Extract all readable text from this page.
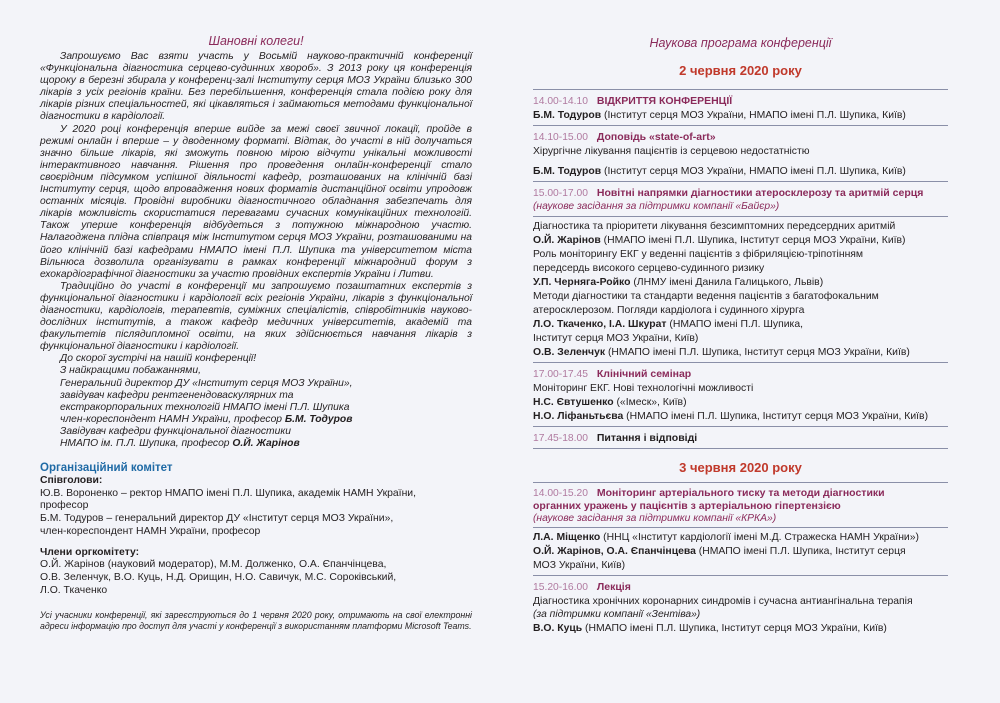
Шановні колеги!

Запрошуємо Вас взяти участь у Восьмій науково-практичній конференції «Функціональна діагностика серцево-судинних хвороб». З 2013 року ця конференція щороку в березні збирала у конференц-залі Інституту серця МОЗ України близько 300 лікарів з усіх регіонів країни. Без перебільшення, конференція стала подією року для лікарів різних спеціальностей, які цікавляться і займаються методами функціональної діагностики в кардіології.

У 2020 році конференція вперше вийде за межі своєї звичної локації, пройде в режимі онлайн і вперше – у дводенному форматі. Відтак, до участі в ній долучаться значно більше лікарів, які зможуть повною мірою відчути унікальні можливості інтерактивного навчання. Рішення про проведення онлайн-конференції стало своєрідним підсумком успішної діяльності кафедр, розташованих на клінічній базі Інституту серця, щодо впровадження нових форматів дистанційної освіти упродовж останніх місяців. Провідні виробники діагностичного обладнання забезпечать для лікарів можливість скористатися перевагами сучасних комунікаційних технологій. Також уперше конференція відбудеться з потужною міжнародною участю. Налагоджена плідна співпраця між Інститутом серця МОЗ України, розташованими на його клінічній базі кафедрами НМАПО імені П.Л. Шупика та університетом міста Вільнюса дозволила організувати в рамках конференції міжнародний форум з ехокардіографічної діагностики за участю провідних експертів України і Литви.

Традиційно до участі в конференції ми запрошуємо позаштатних експертів з функціональної діагностики і кардіології всіх регіонів України, лікарів з функціональної діагностики, кардіологів, терапевтів, суміжних спеціалістів, співробітників науково-дослідних інститутів, а також кафедр медичних університетів, академій та факультетів післядипломної освіти, на яких здійснюється навчання лікарів з функціональної діагностики і кардіології.

До скорої зустрічі на нашій конференції!

З найкращими побажаннями,

Генеральний директор ДУ «Інститут серця МОЗ України»,

завідувач кафедри рентгенендоваскулярних та

екстракорпоральних технологій НМАПО імені П.Л. Шупика

член-кореспондент НАМН України, професор Б.М. Тодуров

Завідувач кафедри функціональної діагностики

НМАПО ім. П.Л. Шупика, професор О.Й. Жарінов

Організаційний комітет

Співголови:

Ю.В. Вороненко – ректор НМАПО імені П.Л. Шупика, академік НАМН України,

професор

Б.М. Тодуров – генеральний директор ДУ «Інститут серця МОЗ України»,

член-кореспондент НАМН України, професор

Члени оргкомітету:

О.Й. Жарінов (науковий модератор), М.М. Долженко, О.А. Єпанчінцева,

О.В. Зеленчук, В.О. Куць, Н.Д. Орищин, Н.О. Савичук, М.С. Сороківський,

Л.О. Ткаченко

Усі учасники конференції, які зареєструються до 1 червня 2020 року, отримають на свої електронні адреси інформацію про доступ для участі у конференції з використанням платформи Microsoft Teams.

Наукова програма конференції

2 червня 2020 року

14.00-14.10 ВІДКРИТТЯ КОНФЕРЕНЦІЇ

Б.М. Тодуров (Інститут серця МОЗ України, НМАПО імені П.Л. Шупика, Київ)

14.10-15.00 Доповідь «state-of-art»

Хірургічне лікування пацієнтів із серцевою недостатністю

Б.М. Тодуров (Інститут серця МОЗ України, НМАПО імені П.Л. Шупика, Київ)

15.00-17.00 Новітні напрямки діагностики атеросклерозу та аритмій серця

(наукове засідання за підтримки компанії «Байєр»)

Діагностика та пріоритети лікування безсимптомних передсердних аритмій

О.Й. Жарінов (НМАПО імені П.Л. Шупика, Інститут серця МОЗ України, Київ)

Роль моніторингу ЕКГ у веденні пацієнтів з фібриляцією-тріпотінням

передсердь високого серцево-судинного ризику

У.П. Черняга-Ройко (ЛНМУ імені Данила Галицького, Львів)

Методи діагностики та стандарти ведення пацієнтів з багатофокальним

атеросклерозом. Погляди кардіолога і судинного хірурга

Л.О. Ткаченко, І.А. Шкурат (НМАПО імені П.Л. Шупика,

Інститут серця МОЗ України, Київ)

О.В. Зеленчук (НМАПО імені П.Л. Шупика, Інститут серця МОЗ України, Київ)

17.00-17.45 Клінічний семінар

Моніторинг ЕКГ. Нові технологічні можливості

Н.С. Євтушенко («Імеск», Київ)

Н.О. Ліфаньтьєва (НМАПО імені П.Л. Шупика, Інститут серця МОЗ України, Київ)

17.45-18.00 Питання і відповіді

3 червня 2020 року

14.00-15.20 Моніторинг артеріального тиску та методи діагностики

органних уражень у пацієнтів з артеріальною гіпертензією

(наукове засідання за підтримки компанії «КРКА»)

Л.А. Міщенко (ННЦ «Інститут кардіології імені М.Д. Стражеска НАМН України»)

О.Й. Жарінов, О.А. Єпанчінцева (НМАПО імені П.Л. Шупика, Інститут серця

МОЗ України, Київ)

15.20-16.00 Лекція

Діагностика хронічних коронарних синдромів і сучасна антиангінальна терапія

(за підтримки компанії «Зентіва»)

В.О. Куць (НМАПО імені П.Л. Шупика, Інститут серця МОЗ України, Київ)
